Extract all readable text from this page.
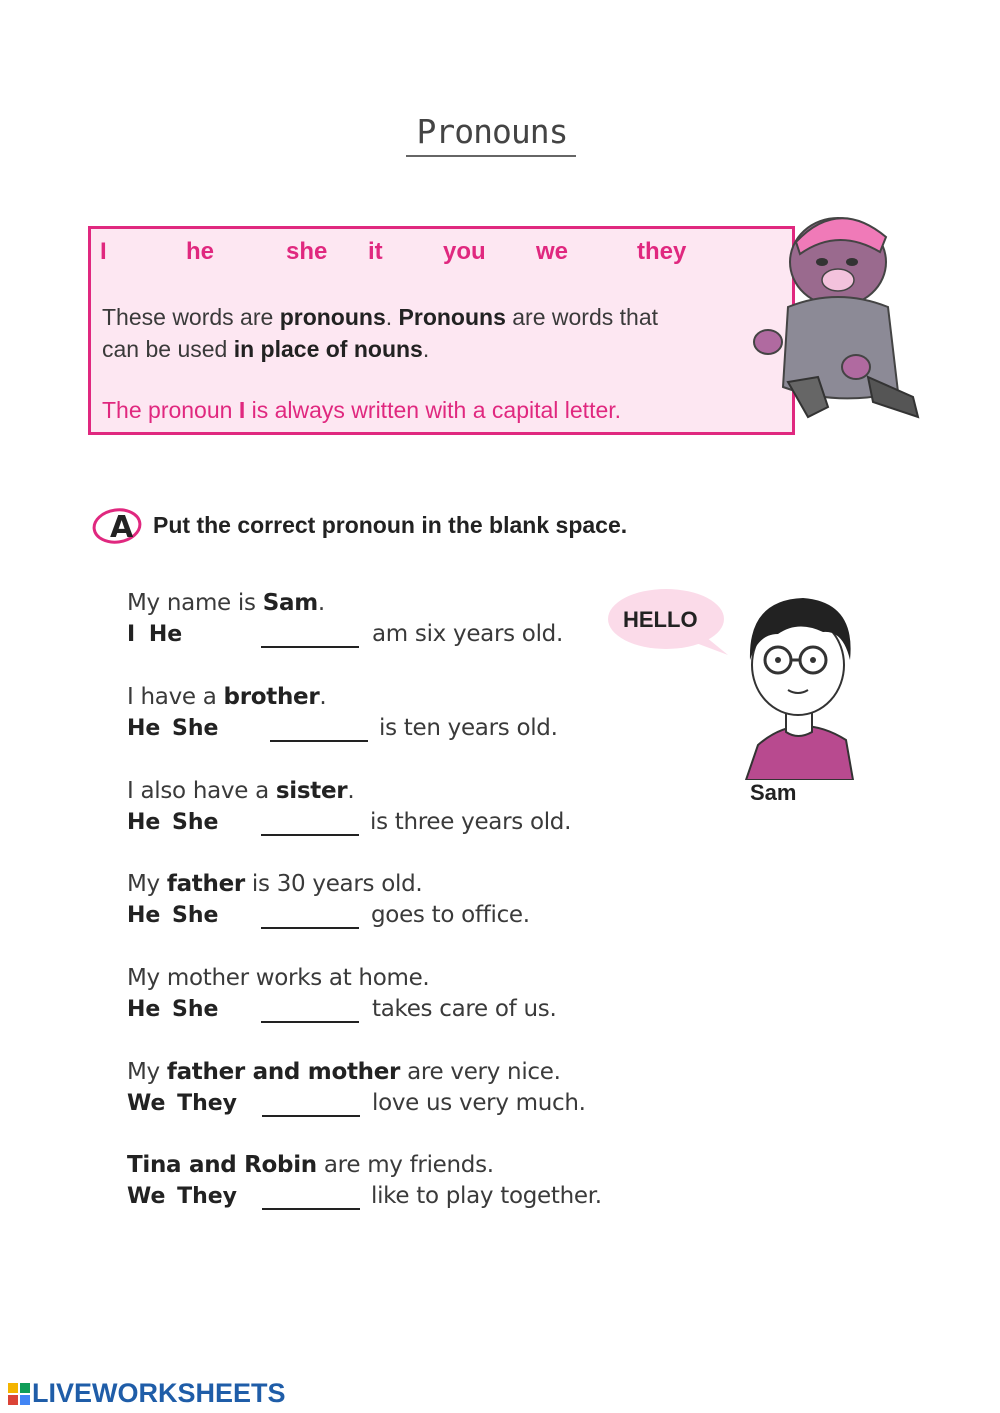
Pronouns
I	he	she it	you we	they
These words are pronouns. Pronouns are words that
can be used in place of nouns.
The pronoun I is always written with a capital letter.
A Put the correct pronoun in the blank space.
My name is Sam.
I He	am six years old.
I have a brother.
He She	is ten years old.
I also have a sister.
He She	is three years old.
My father is 30 years old.
He She	goes to office.
My mother works at home.
He She	takes care of us.
My father and mother are very nice.
We They	love us very much.
Tina and Robin are my friends.
We They	like to play together.
HELLO
Sam
LIVEWORKSHEETS
